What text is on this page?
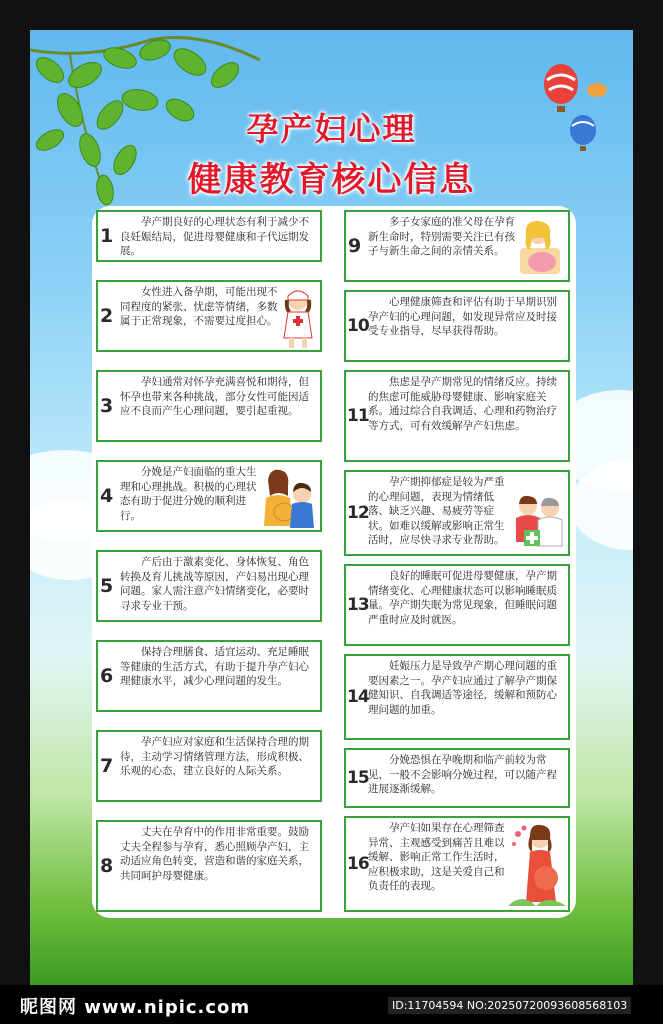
孕产妇心理
健康教育核心信息
1
孕产期良好的心理状态有利于减少不良妊娠结局，促进母婴健康和子代远期发展。
2
女性进入备孕期，可能出现不同程度的紧张、忧虑等情绪，多数属于正常现象，不需要过度担心。
3
孕妇通常对怀孕充满喜悦和期待，但怀孕也带来各种挑战，部分女性可能因适应不良而产生心理问题，要引起重视。
4
分娩是产妇面临的重大生理和心理挑战。积极的心理状态有助于促进分娩的顺利进行。
5
产后由于激素变化、身体恢复、角色转换及育儿挑战等原因，产妇易出现心理问题。家人需注意产妇情绪变化，必要时寻求专业干预。
6
保持合理膳食、适宜运动、充足睡眠等健康的生活方式，有助于提升孕产妇心理健康水平，减少心理问题的发生。
7
孕产妇应对家庭和生活保持合理的期待，主动学习情绪管理方法，形成积极、乐观的心态，建立良好的人际关系。
8
丈夫在孕育中的作用非常重要。鼓励丈夫全程参与孕育，悉心照顾孕产妇，主动适应角色转变，营造和谐的家庭关系，共同呵护母婴健康。
9
多子女家庭的准父母在孕育新生命时，特别需要关注已有孩子与新生命之间的亲情关系。
10
心理健康筛查和评估有助于早期识别孕产妇的心理问题，如发现异常应及时接受专业指导，尽早获得帮助。
11
焦虑是孕产期常见的情绪反应。持续的焦虑可能威胁母婴健康、影响家庭关系。通过综合自我调适、心理和药物治疗等方式，可有效缓解孕产妇焦虑。
12
孕产期抑郁症是较为严重的心理问题，表现为情绪低落、缺乏兴趣、易疲劳等症状。如难以缓解或影响正常生活时，应尽快寻求专业帮助。
13
良好的睡眠可促进母婴健康，孕产期情绪变化、心理健康状态可以影响睡眠质量。孕产期失眠为常见现象，但睡眠问题严重时应及时就医。
14
妊娠压力是导致孕产期心理问题的重要因素之一。孕产妇应通过了解孕产期保健知识、自我调适等途径，缓解和预防心理问题的加重。
15
分娩恐惧在孕晚期和临产前较为常见，一般不会影响分娩过程，可以随产程进展逐渐缓解。
16
孕产妇如果存在心理筛查异常、主观感受到痛苦且难以缓解、影响正常工作生活时，应积极求助，这是关爱自己和负责任的表现。
昵图网 www.nipic.com	ID:11704594 NO:20250720093608568103
